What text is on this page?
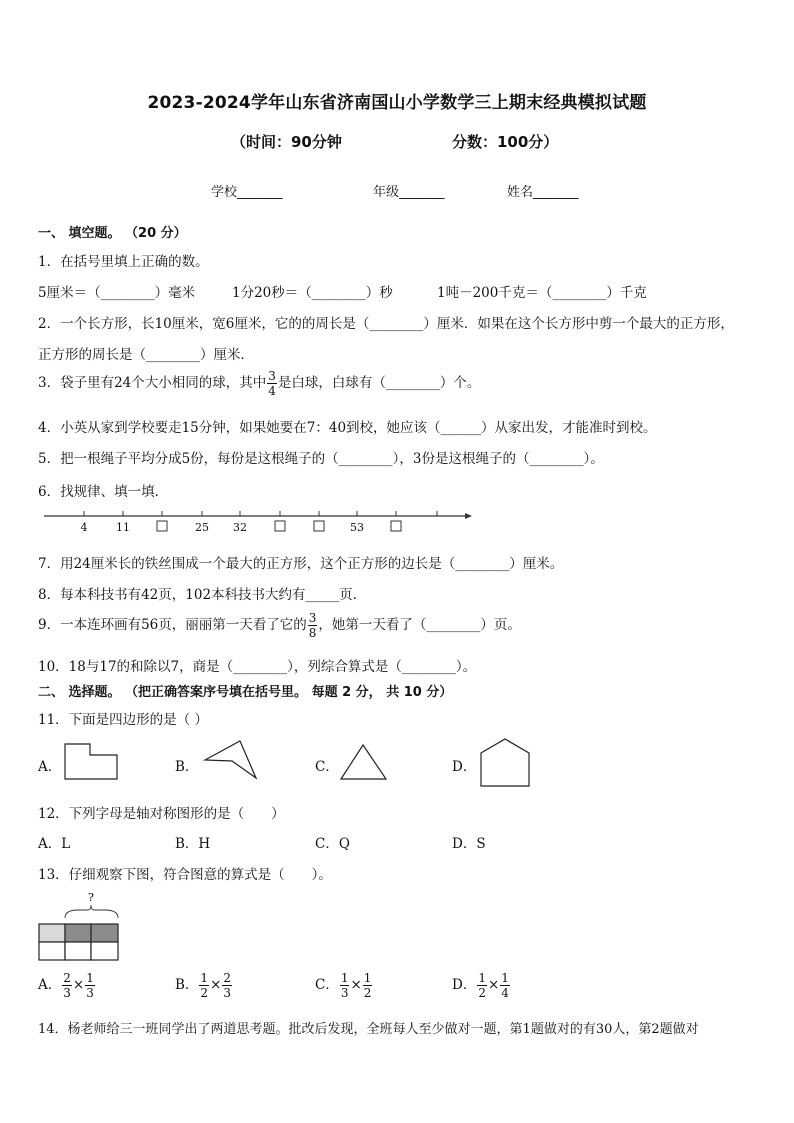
2023-2024学年山东省济南国山小学数学三上期末经典模拟试题
（时间：90分钟	分数：100分）
学校_______	年级_______	姓名_______
一、 填空题。 （20 分）
1．在括号里填上正确的数。
5厘米＝（________）毫米	1分20秒＝（________）秒	1吨－200千克＝（________）千克
2．一个长方形，长10厘米，宽6厘米，它的的周长是（________）厘米．如果在这个长方形中剪一个最大的正方形，
正方形的周长是（________）厘米．
3．袋子里有24个大小相同的球，其中 $\frac{3}{4}$ 是白球，白球有（________）个。
4．小英从家到学校要走15分钟，如果她要在7：40到校，她应该（______）从家出发，才能准时到校。
5．把一根绳子平均分成5份，每份是这根绳子的（________），3份是这根绳子的（________）。
6．找规律、填一填．
4	11	25 32	53
7．用24厘米长的铁丝围成一个最大的正方形，这个正方形的边长是（________）厘米。
8．每本科技书有42页，102本科技书大约有_____页．
9．一本连环画有56页，丽丽第一天看了它的 $\frac{3}{8}$ ，她第一天看了（________）页。
10．18与17的和除以7，商是（________），列综合算式是（________）。
二、 选择题。 （把正确答案序号填在括号里。 每题 2 分， 共 10 分）
11．下面是四边形的是（ ）
A．	B．	C．	D．
12．下列字母是轴对称图形的是（　　）
A．L	B．H	C．Q	D．S
13．仔细观察下图，符合图意的算式是（　　）。
?
A． $\frac{2}{3} \times \frac{1}{3}$	B． $\frac{1}{2} \times \frac{2}{3}$	C． $\frac{1}{3} \times \frac{1}{2}$	D． $\frac{1}{2} \times \frac{1}{4}$
14．杨老师给三一班同学出了两道思考题。批改后发现，全班每人至少做对一题，第1题做对的有30人，第2题做对
